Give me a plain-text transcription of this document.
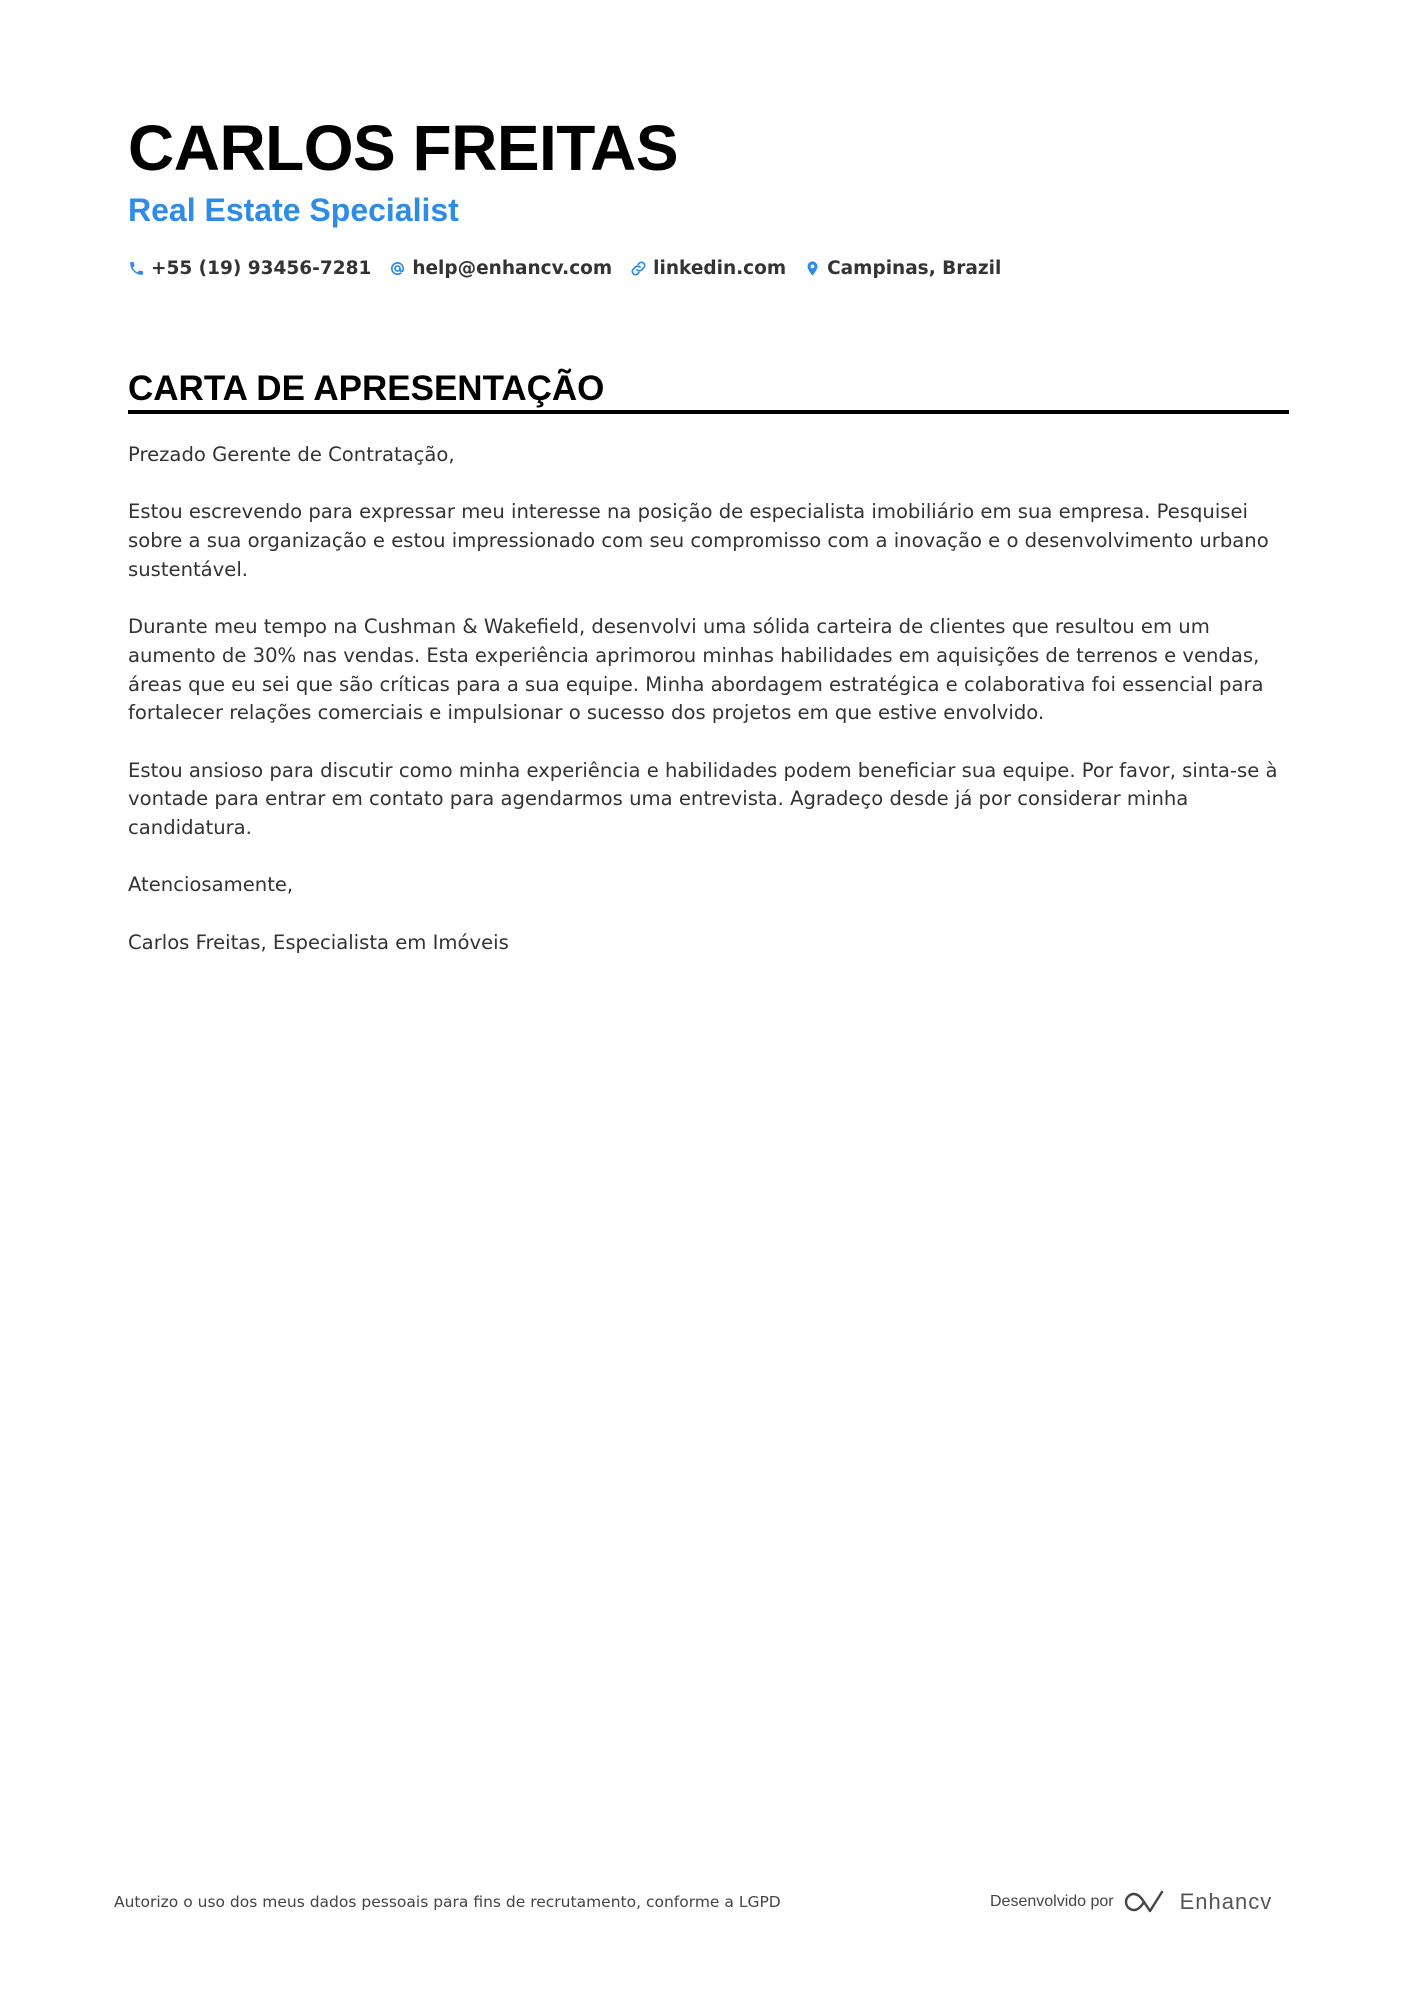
CARLOS FREITAS
Real Estate Specialist
+55 (19) 93456-7281 help@enhancv.com linkedin.com Campinas, Brazil
CARTA DE APRESENTAÇÃO

Prezado Gerente de Contratação,

Estou escrevendo para expressar meu interesse na posição de especialista imobiliário em sua empresa. Pesquisei sobre a sua organização e estou impressionado com seu compromisso com a inovação e o desenvolvimento urbano sustentável.

Durante meu tempo na Cushman & Wakefield, desenvolvi uma sólida carteira de clientes que resultou em um aumento de 30% nas vendas. Esta experiência aprimorou minhas habilidades em aquisições de terrenos e vendas, áreas que eu sei que são críticas para a sua equipe. Minha abordagem estratégica e colaborativa foi essencial para fortalecer relações comerciais e impulsionar o sucesso dos projetos em que estive envolvido.

Estou ansioso para discutir como minha experiência e habilidades podem beneficiar sua equipe. Por favor, sinta-se à vontade para entrar em contato para agendarmos uma entrevista. Agradeço desde já por considerar minha candidatura.

Atenciosamente,

Carlos Freitas, Especialista em Imóveis

Autorizo o uso dos meus dados pessoais para fins de recrutamento, conforme a LGPD	Desenvolvido por	Enhancv
